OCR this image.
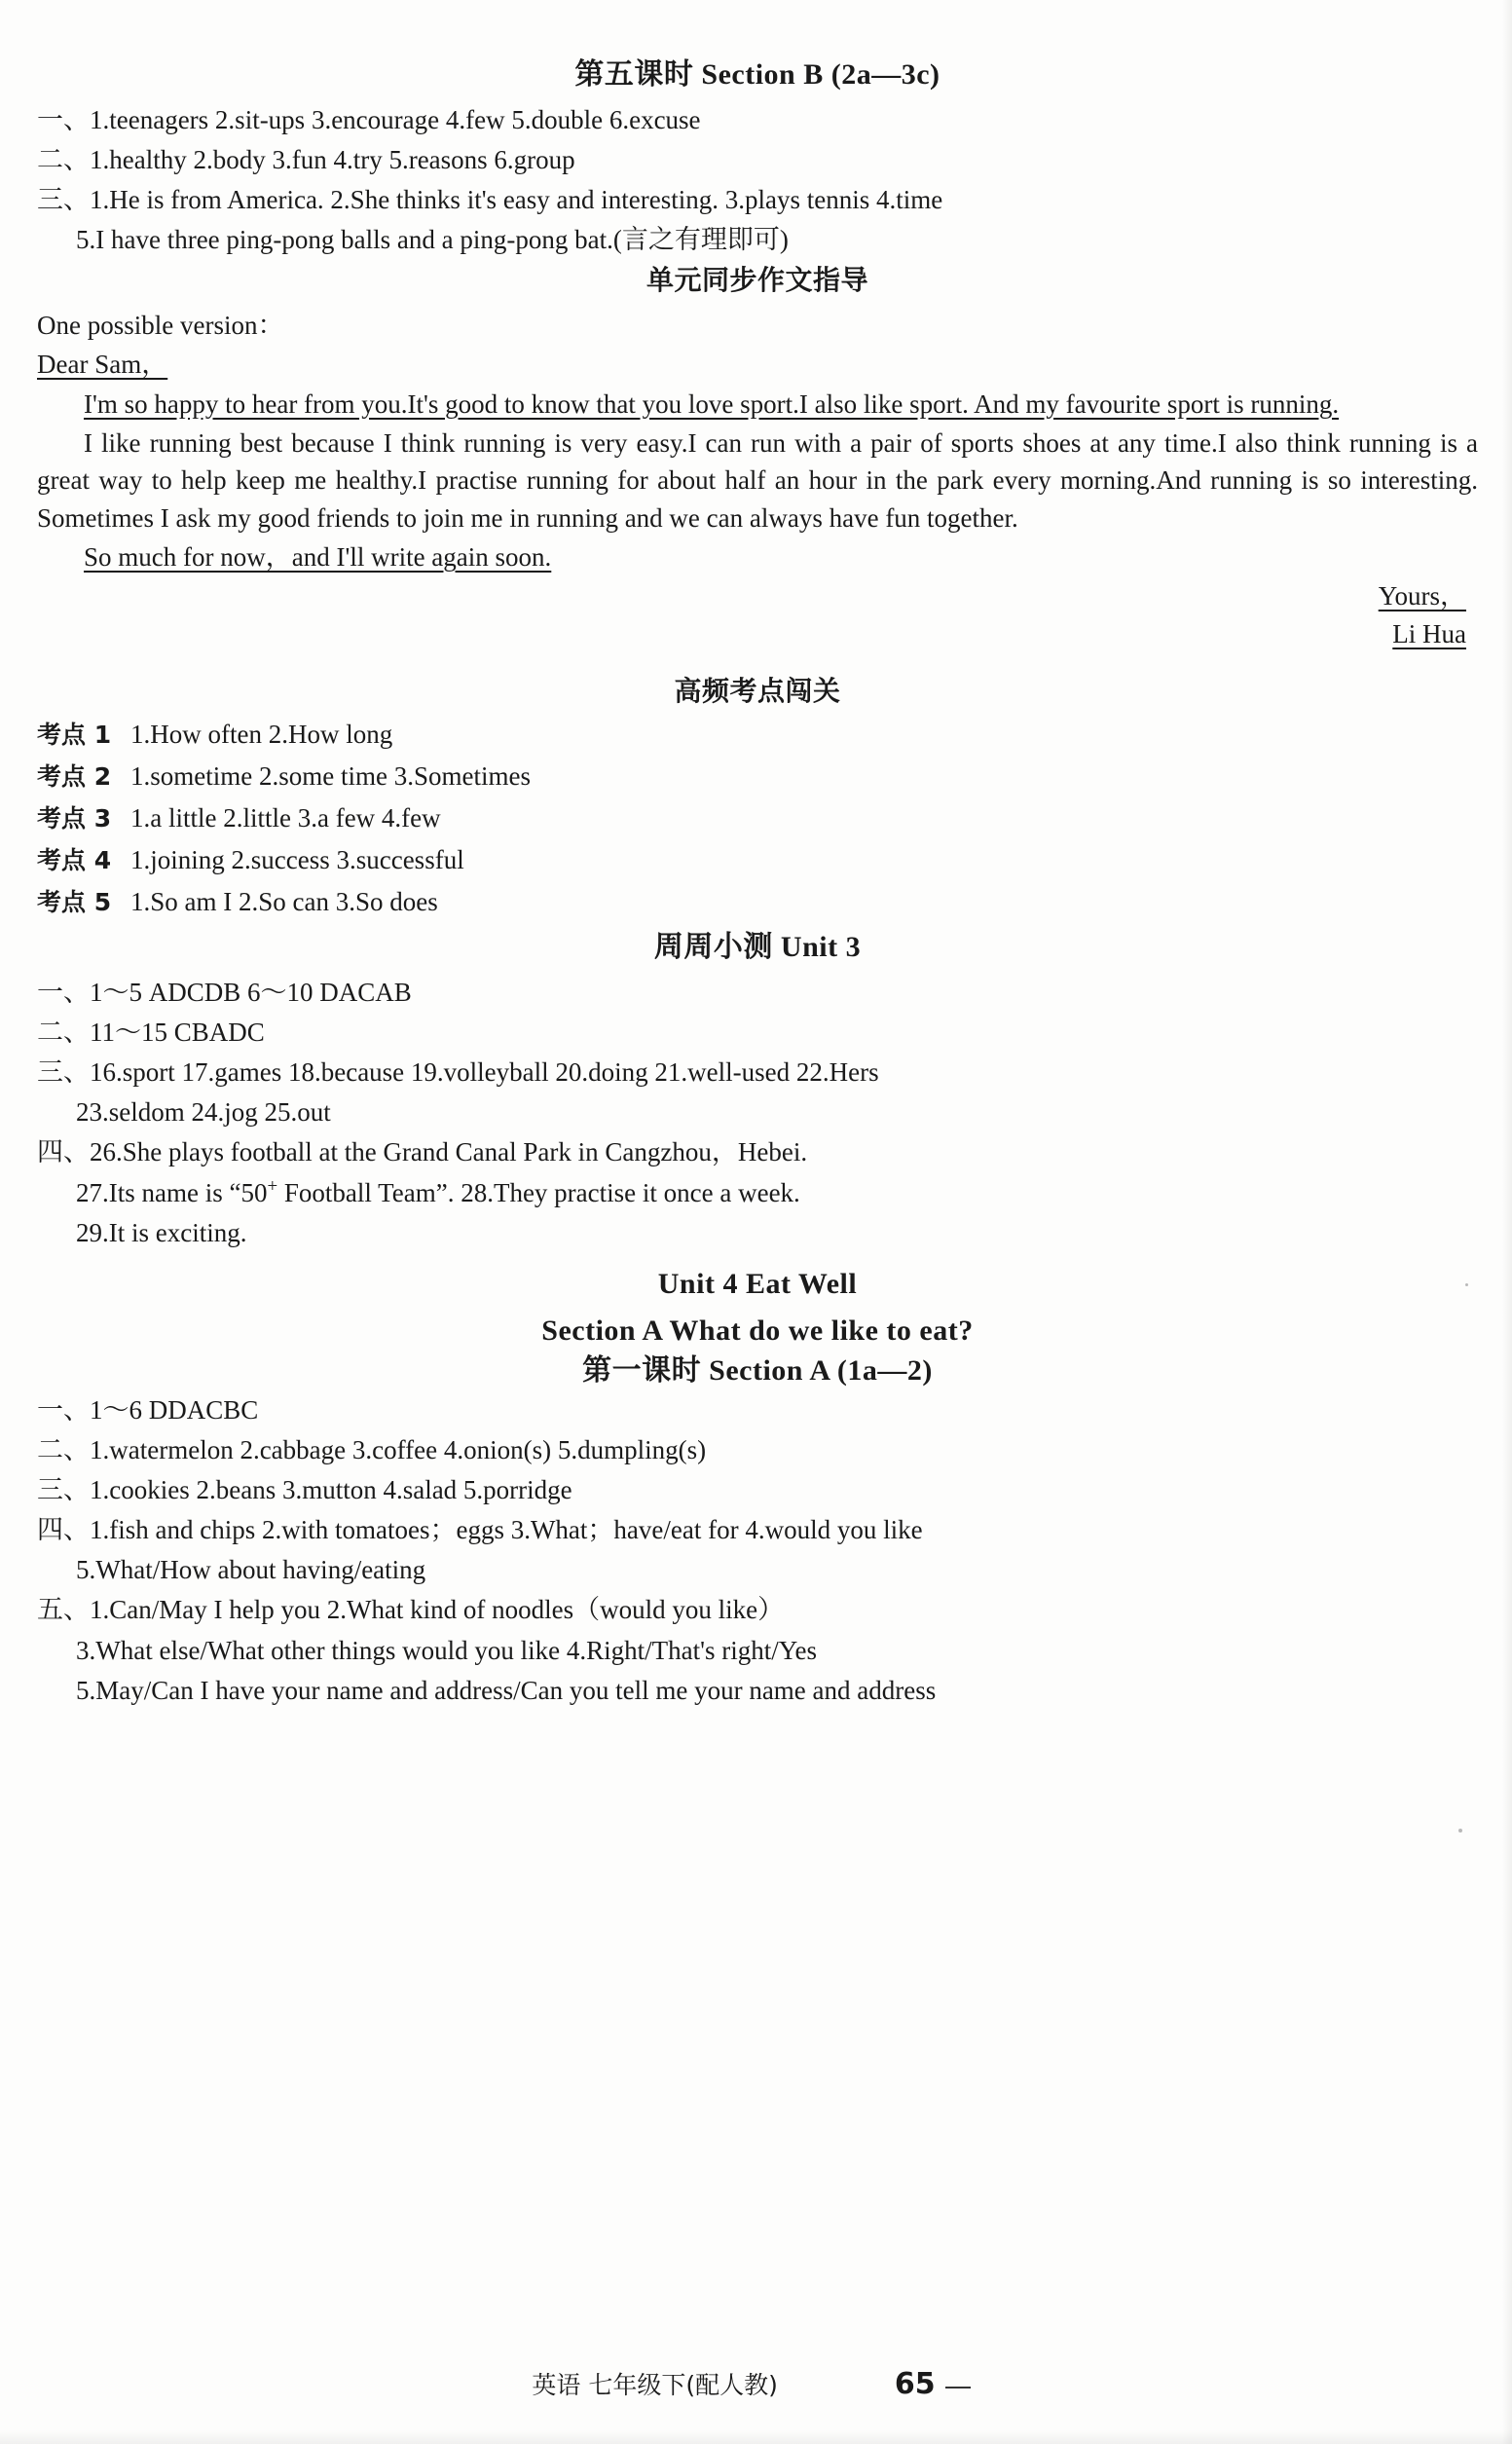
第五课时 Section B (2a—3c)
一、1.teenagers 2.sit-ups 3.encourage 4.few 5.double 6.excuse
二、1.healthy 2.body 3.fun 4.try 5.reasons 6.group
三、1.He is from America. 2.She thinks it's easy and interesting. 3.plays tennis 4.time
5.I have three ping-pong balls and a ping-pong bat.(言之有理即可)
单元同步作文指导
One possible version：
Dear Sam，
I'm so happy to hear from you.It's good to know that you love sport.I also like sport. And my favourite sport is running.
I like running best because I think running is very easy.I can run with a pair of sports shoes at any time.I also think running is a great way to help keep me healthy.I practise running for about half an hour in the park every morning.And running is so interesting. Sometimes I ask my good friends to join me in running and we can always have fun together.
So much for now，and I'll write again soon.
Yours，
Li Hua
高频考点闯关
考点 1 1.How often 2.How long
考点 2 1.sometime 2.some time 3.Sometimes
考点 3 1.a little 2.little 3.a few 4.few
考点 4 1.joining 2.success 3.successful
考点 5 1.So am I 2.So can 3.So does
周周小测 Unit 3
一、1～5 ADCDB 6～10 DACAB
二、11～15 CBADC
三、16.sport 17.games 18.because 19.volleyball 20.doing 21.well-used 22.Hers
23.seldom 24.jog 25.out
四、26.She plays football at the Grand Canal Park in Cangzhou，Hebei.
27.Its name is “50+ Football Team”. 28.They practise it once a week.
29.It is exciting.
Unit 4 Eat Well
Section A What do we like to eat?
第一课时 Section A (1a—2)
一、1～6 DDACBC
二、1.watermelon 2.cabbage 3.coffee 4.onion(s) 5.dumpling(s)
三、1.cookies 2.beans 3.mutton 4.salad 5.porridge
四、1.fish and chips 2.with tomatoes；eggs 3.What；have/eat for 4.would you like
5.What/How about having/eating
五、1.Can/May I help you 2.What kind of noodles（would you like）
3.What else/What other things would you like 4.Right/That's right/Yes
5.May/Can I have your name and address/Can you tell me your name and address
英语 七年级下(配人教)	65
